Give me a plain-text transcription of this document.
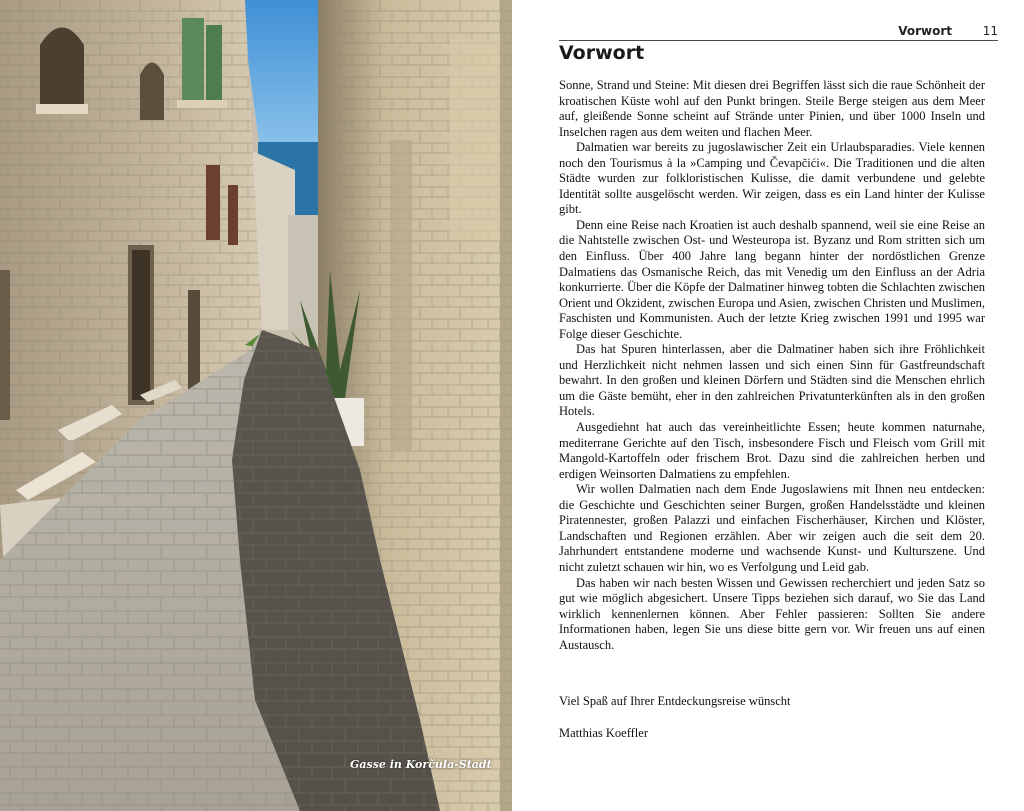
Gasse in Korčula-Stadt
Vorwort	11
Vorwort

Sonne, Strand und Steine: Mit diesen drei Begriffen lässt sich die raue Schönheit der kroatischen Küste wohl auf den Punkt bringen. Steile Berge steigen aus dem Meer auf, gleißende Sonne scheint auf Strände unter Pinien, und über 1000 Inseln und Inselchen ragen aus dem weiten und flachen Meer.

Dalmatien war bereits zu jugoslawischer Zeit ein Urlaubsparadies. Viele kennen noch den Tourismus à la »Camping und Čevapčići«. Die Traditionen und die alten Städte wurden zur folkloristischen Kulisse, die damit verbundene und gelebte Identität sollte ausgelöscht werden. Wir zeigen, dass es ein Land hinter der Kulisse gibt.

Denn eine Reise nach Kroatien ist auch deshalb spannend, weil sie eine Reise an die Nahtstelle zwischen Ost- und Westeuropa ist. Byzanz und Rom stritten sich um den Einfluss. Über 400 Jahre lang begann hinter der nordöstlichen Grenze Dalmatiens das Osmanische Reich, das mit Venedig um den Einfluss an der Adria konkurrierte. Über die Köpfe der Dalmatiner hinweg tobten die Schlachten zwischen Orient und Okzident, zwischen Europa und Asien, zwischen Christen und Muslimen, Faschisten und Kommunisten. Auch der letzte Krieg zwischen 1991 und 1995 war Folge dieser Geschichte.

Das hat Spuren hinterlassen, aber die Dalmatiner haben sich ihre Fröhlichkeit und Herzlichkeit nicht nehmen lassen und sich einen Sinn für Gastfreundschaft bewahrt. In den großen und kleinen Dörfern und Städten sind die Menschen ehrlich um die Gäste bemüht, eher in den zahlreichen Privatunterkünften als in den großen Hotels.

Ausgediehnt hat auch das vereinheitlichte Essen; heute kommen naturnahe, mediterrane Gerichte auf den Tisch, insbesondere Fisch und Fleisch vom Grill mit Mangold-Kartoffeln oder frischem Brot. Dazu sind die zahlreichen herben und erdigen Weinsorten Dalmatiens zu empfehlen.

Wir wollen Dalmatien nach dem Ende Jugoslawiens mit Ihnen neu entdecken: die Geschichte und Geschichten seiner Burgen, großen Handelsstädte und kleinen Piratennester, großen Palazzi und einfachen Fischerhäuser, Kirchen und Klöster, Landschaften und Regionen erzählen. Aber wir zeigen auch die seit dem 20. Jahrhundert entstandene moderne und wachsende Kunst- und Kulturszene. Und nicht zuletzt schauen wir hin, wo es Verfolgung und Leid gab.

Das haben wir nach besten Wissen und Gewissen recherchiert und jeden Satz so gut wie möglich abgesichert. Unsere Tipps beziehen sich darauf, wo Sie das Land wirklich kennenlernen können. Aber Fehler passieren: Sollten Sie andere Informationen haben, legen Sie uns diese bitte gern vor. Wir freuen uns auf einen Austausch.

Viel Spaß auf Ihrer Entdeckungsreise wünscht
Matthias Koeffler
